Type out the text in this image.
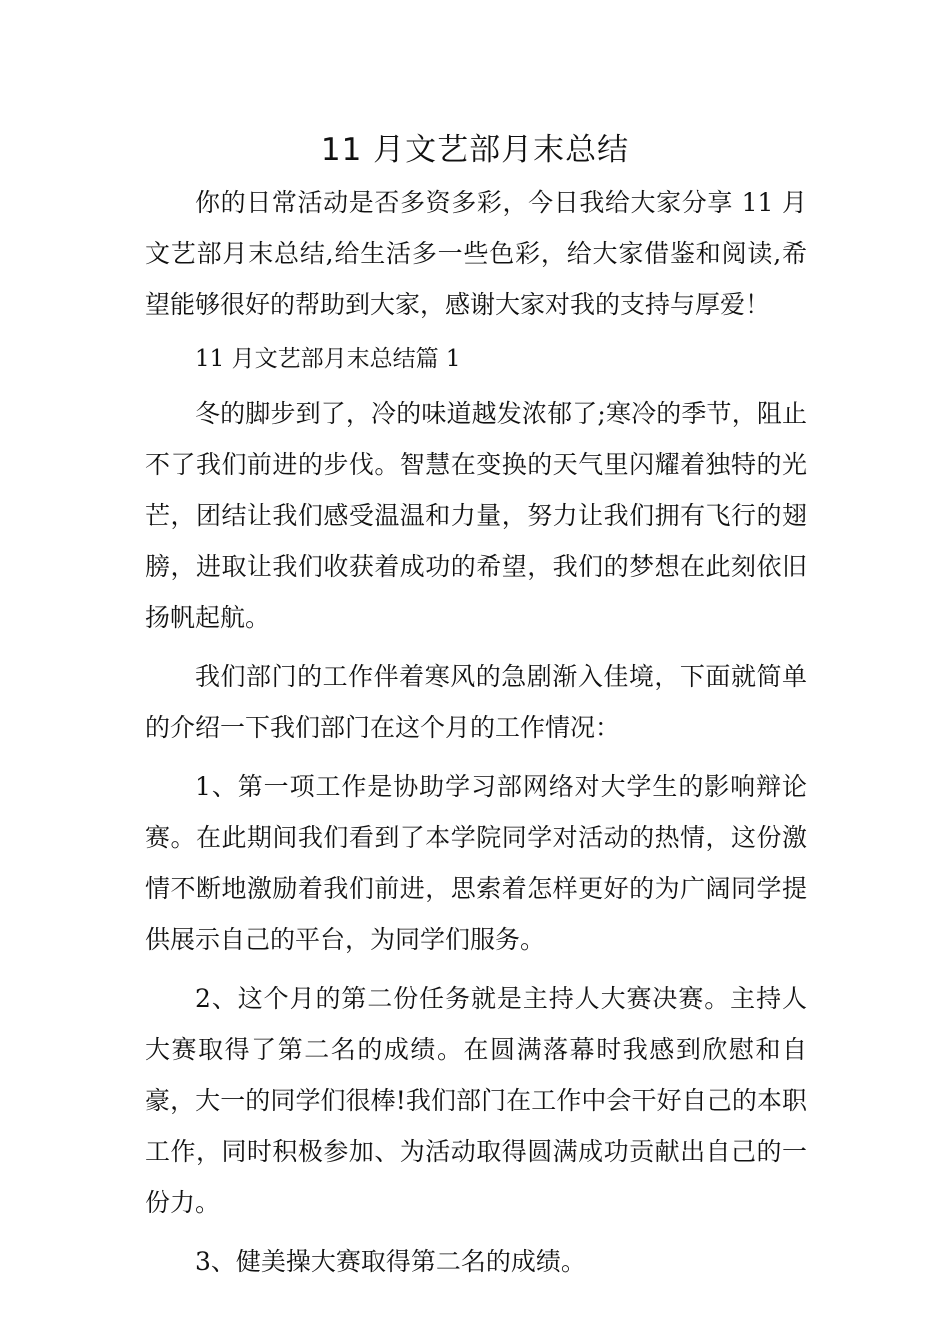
11 月文艺部月末总结

你的日常活动是否多资多彩，今日我给大家分享 11 月文艺部月末总结,给生活多一些色彩，给大家借鉴和阅读,希望能够很好的帮助到大家，感谢大家对我的支持与厚爱！

11 月文艺部月末总结篇 1

冬的脚步到了，冷的味道越发浓郁了;寒冷的季节，阻止不了我们前进的步伐。智慧在变换的天气里闪耀着独特的光芒，团结让我们感受温温和力量，努力让我们拥有飞行的翅膀，进取让我们收获着成功的希望，我们的梦想在此刻依旧扬帆起航。

我们部门的工作伴着寒风的急剧渐入佳境，下面就简单的介绍一下我们部门在这个月的工作情况：

1、第一项工作是协助学习部网络对大学生的影响辩论赛。在此期间我们看到了本学院同学对活动的热情，这份激情不断地激励着我们前进，思索着怎样更好的为广阔同学提供展示自己的平台，为同学们服务。

2、这个月的第二份任务就是主持人大赛决赛。主持人大赛取得了第二名的成绩。在圆满落幕时我感到欣慰和自豪，大一的同学们很棒!我们部门在工作中会干好自己的本职工作，同时积极参加、为活动取得圆满成功贡献出自己的一份力。

3、健美操大赛取得第二名的成绩。
